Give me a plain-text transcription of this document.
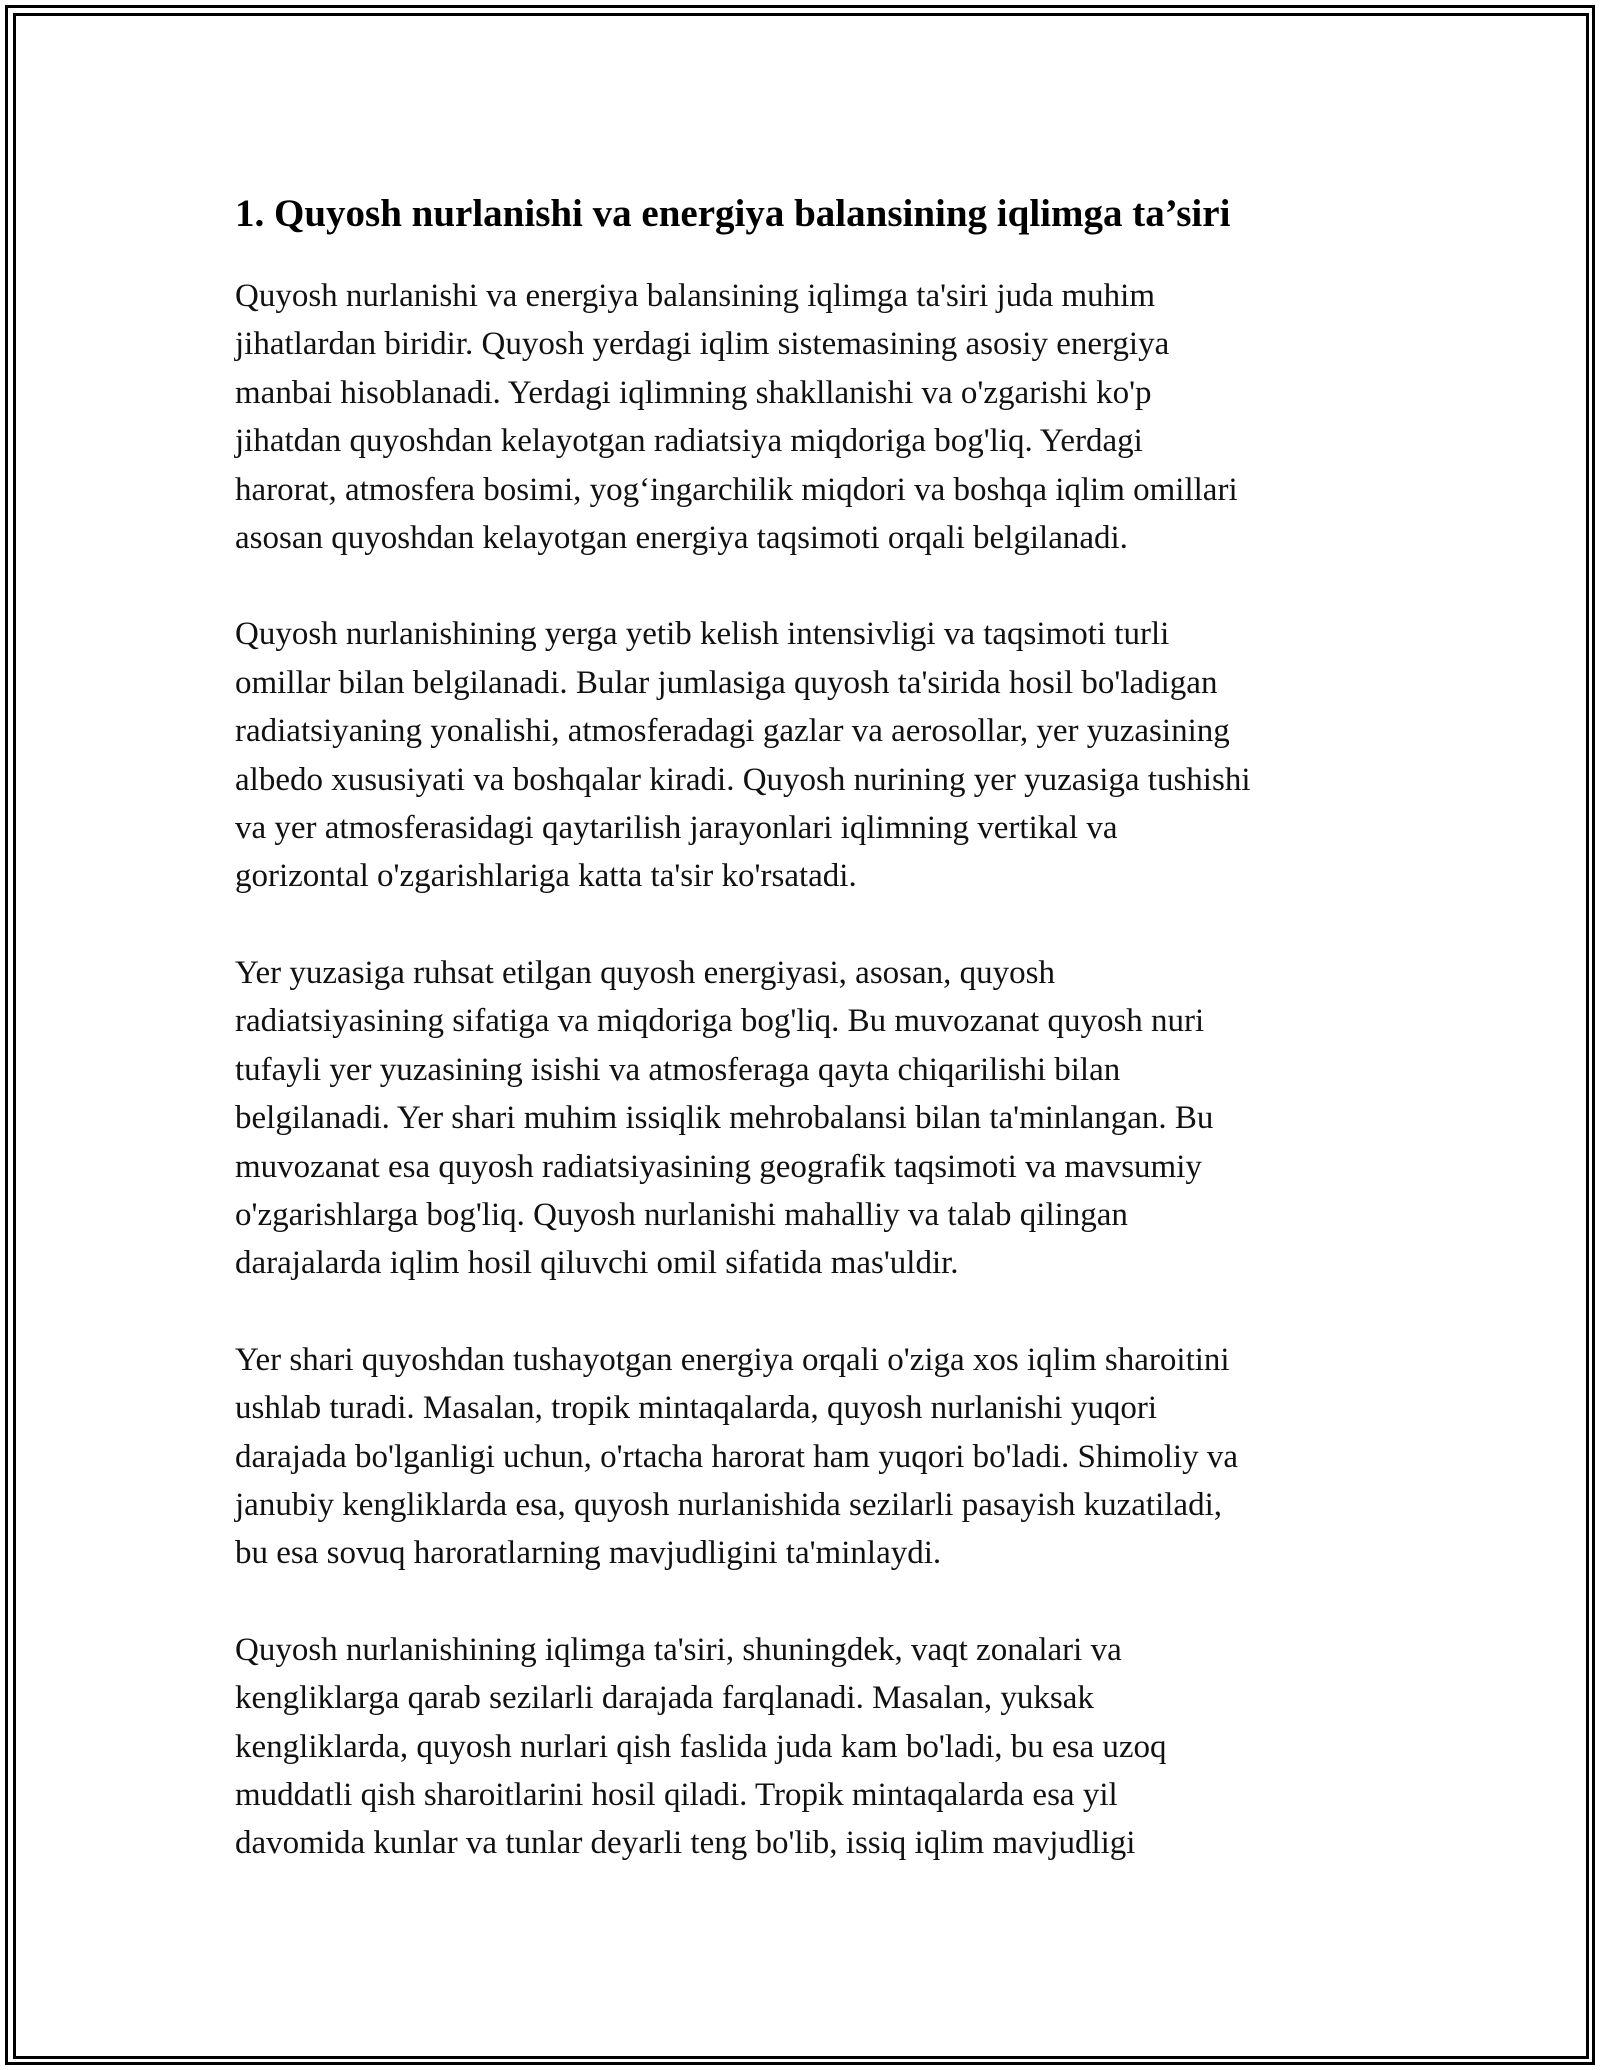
1. Quyosh nurlanishi va energiya balansining iqlimga ta’siri

Quyosh nurlanishi va energiya balansining iqlimga ta'siri juda muhim
jihatlardan biridir. Quyosh yerdagi iqlim sistemasining asosiy energiya
manbai hisoblanadi. Yerdagi iqlimning shakllanishi va o'zgarishi ko'p
jihatdan quyoshdan kelayotgan radiatsiya miqdoriga bog'liq. Yerdagi
harorat, atmosfera bosimi, yog‘ingarchilik miqdori va boshqa iqlim omillari
asosan quyoshdan kelayotgan energiya taqsimoti orqali belgilanadi.

Quyosh nurlanishining yerga yetib kelish intensivligi va taqsimoti turli
omillar bilan belgilanadi. Bular jumlasiga quyosh ta'sirida hosil bo'ladigan
radiatsiyaning yonalishi, atmosferadagi gazlar va aerosollar, yer yuzasining
albedo xususiyati va boshqalar kiradi. Quyosh nurining yer yuzasiga tushishi
va yer atmosferasidagi qaytarilish jarayonlari iqlimning vertikal va
gorizontal o'zgarishlariga katta ta'sir ko'rsatadi.

Yer yuzasiga ruhsat etilgan quyosh energiyasi, asosan, quyosh
radiatsiyasining sifatiga va miqdoriga bog'liq. Bu muvozanat quyosh nuri
tufayli yer yuzasining isishi va atmosferaga qayta chiqarilishi bilan
belgilanadi. Yer shari muhim issiqlik mehrobalansi bilan ta'minlangan. Bu
muvozanat esa quyosh radiatsiyasining geografik taqsimoti va mavsumiy
o'zgarishlarga bog'liq. Quyosh nurlanishi mahalliy va talab qilingan
darajalarda iqlim hosil qiluvchi omil sifatida mas'uldir.

Yer shari quyoshdan tushayotgan energiya orqali o'ziga xos iqlim sharoitini
ushlab turadi. Masalan, tropik mintaqalarda, quyosh nurlanishi yuqori
darajada bo'lganligi uchun, o'rtacha harorat ham yuqori bo'ladi. Shimoliy va
janubiy kengliklarda esa, quyosh nurlanishida sezilarli pasayish kuzatiladi,
bu esa sovuq haroratlarning mavjudligini ta'minlaydi.

Quyosh nurlanishining iqlimga ta'siri, shuningdek, vaqt zonalari va
kengliklarga qarab sezilarli darajada farqlanadi. Masalan, yuksak
kengliklarda, quyosh nurlari qish faslida juda kam bo'ladi, bu esa uzoq
muddatli qish sharoitlarini hosil qiladi. Tropik mintaqalarda esa yil
davomida kunlar va tunlar deyarli teng bo'lib, issiq iqlim mavjudligi
